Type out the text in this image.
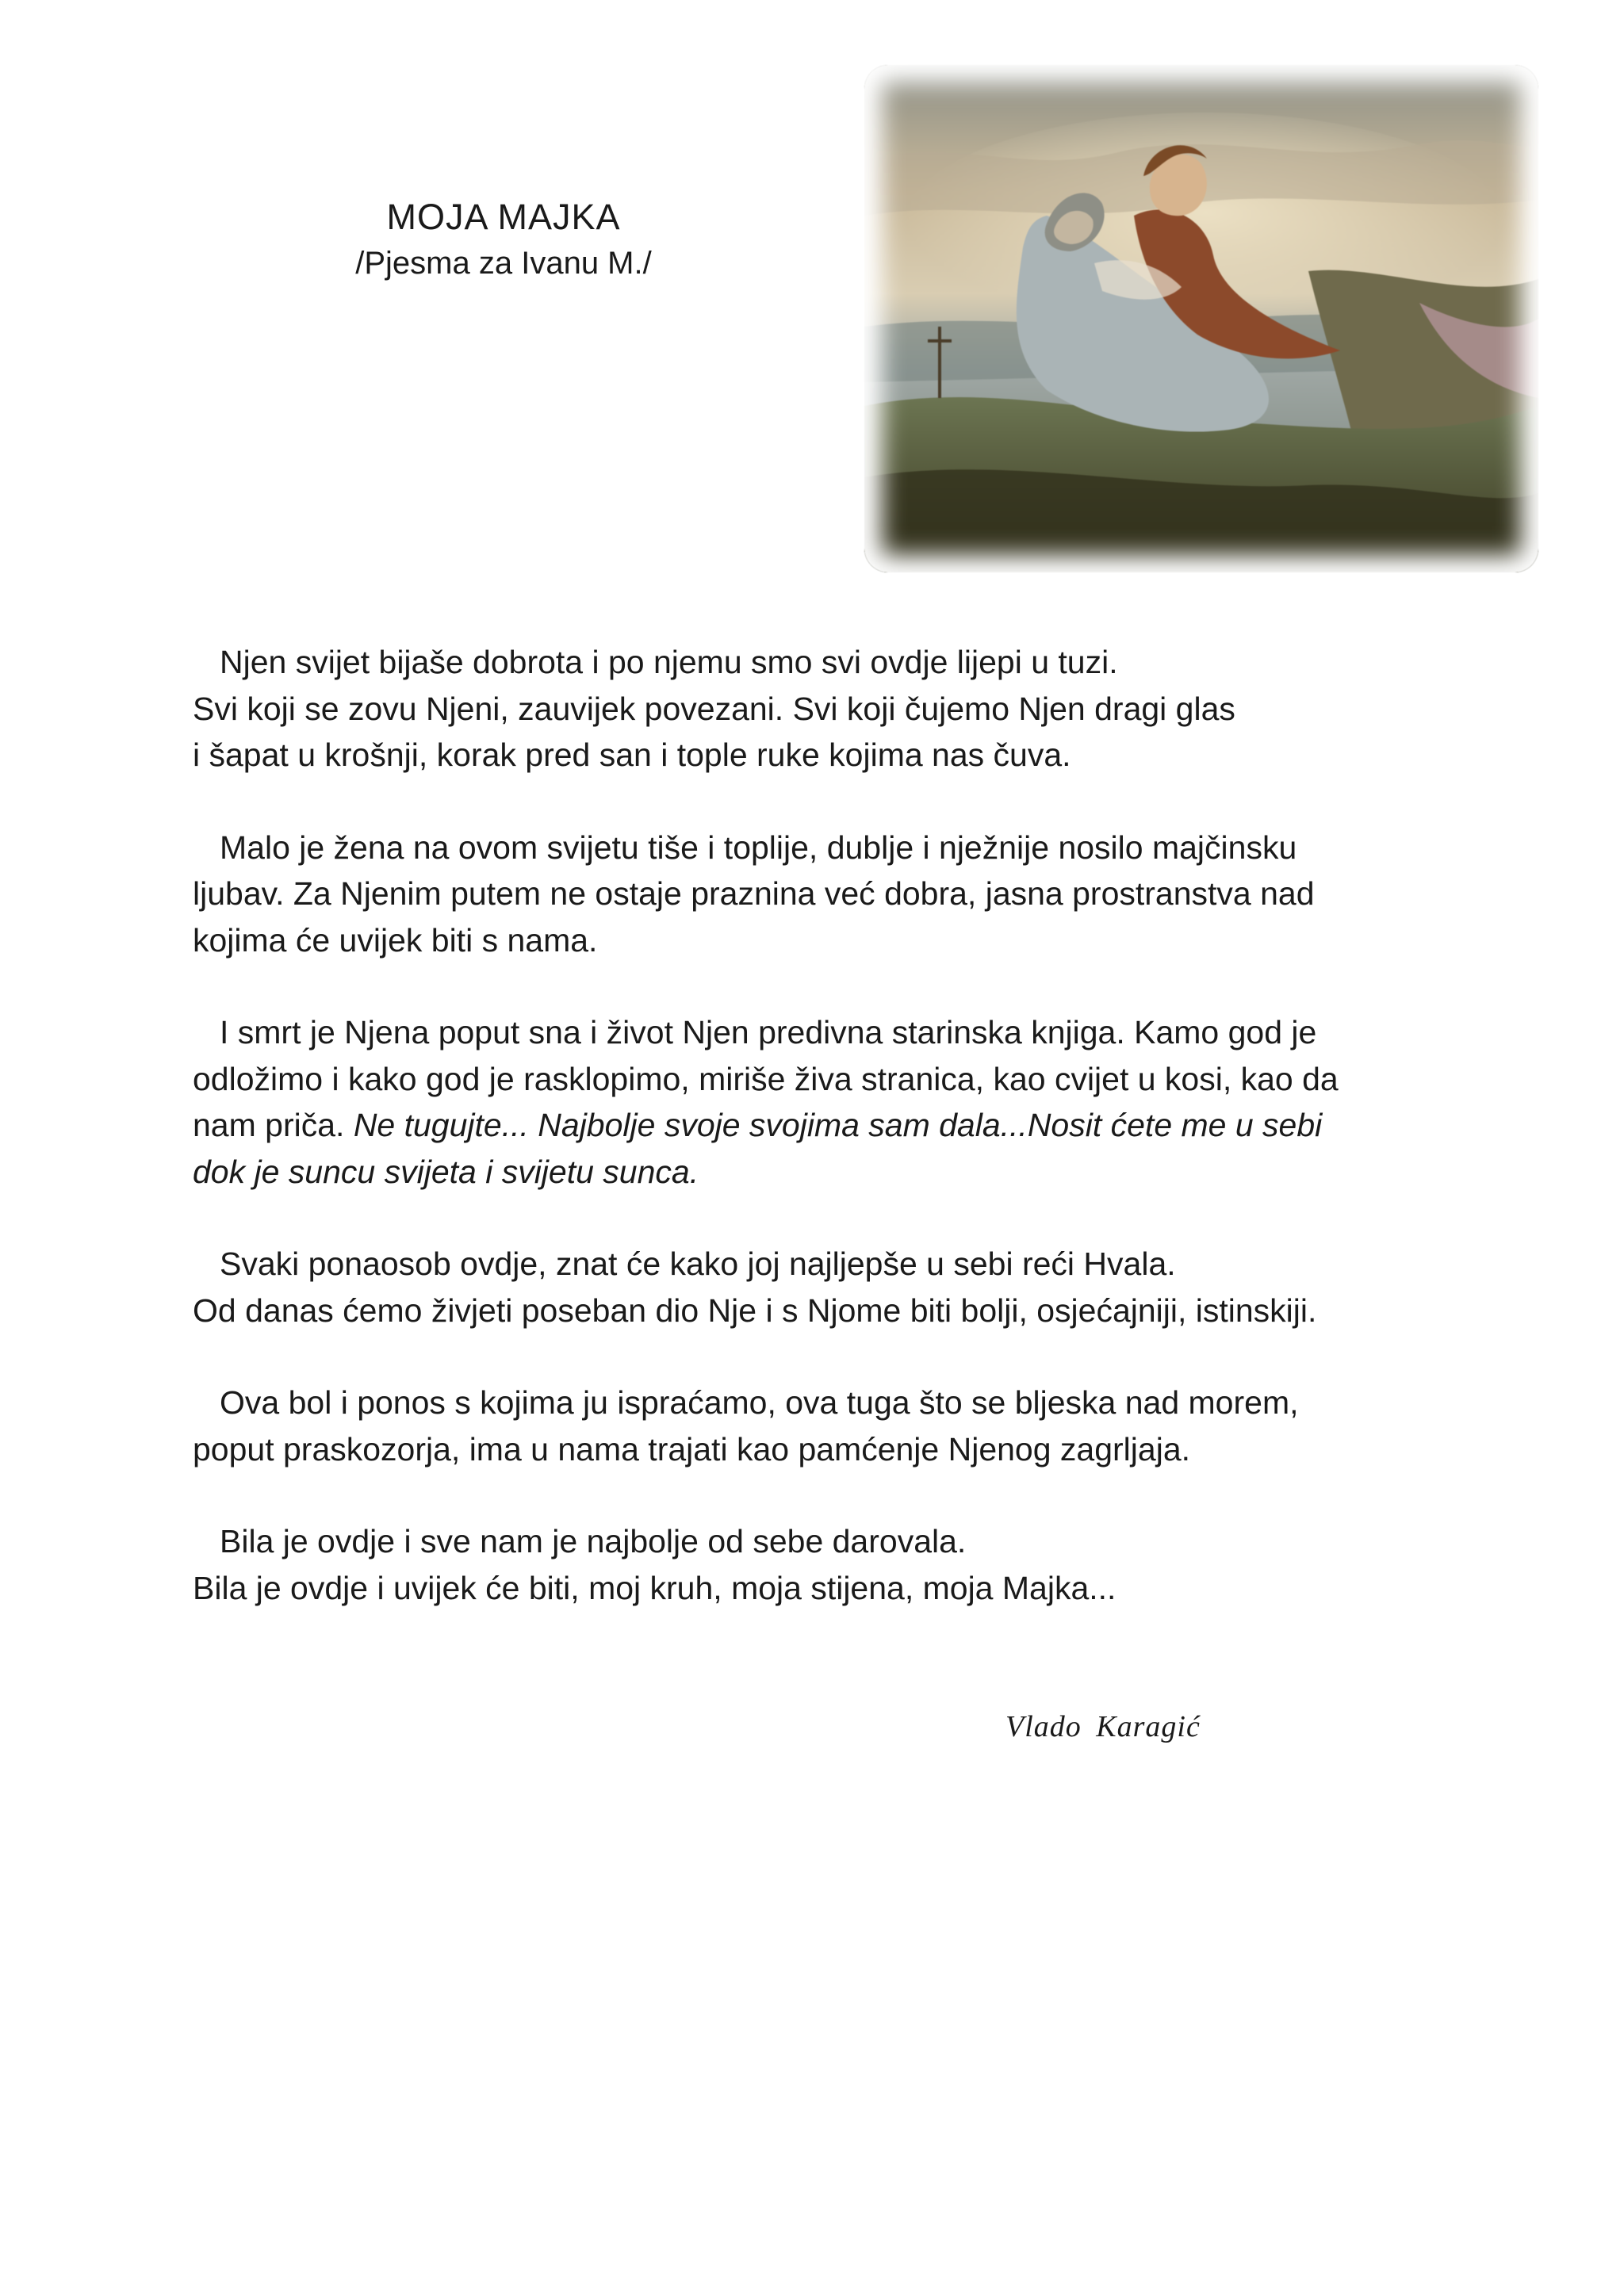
MOJA MAJKA
/Pjesma za Ivanu M./
Njen svijet bijaše dobrota i po njemu smo svi ovdje lijepi u tuzi.
Svi koji se zovu Njeni, zauvijek povezani. Svi koji čujemo Njen dragi glas
i šapat u krošnji, korak pred san i tople ruke kojima nas čuva.
Malo je žena na ovom svijetu tiše i toplije, dublje i nježnije nosilo majčinsku
ljubav. Za Njenim putem ne ostaje praznina već dobra, jasna prostranstva nad
kojima će uvijek biti s nama.
I smrt je Njena poput sna i život Njen predivna starinska knjiga. Kamo god je
odložimo i kako god je rasklopimo, miriše živa stranica, kao cvijet u kosi, kao da
nam priča. Ne tugujte... Najbolje svoje svojima sam dala...Nosit ćete me u sebi
dok je suncu svijeta i svijetu sunca.
Svaki ponaosob ovdje, znat će kako joj najljepše u sebi reći Hvala.
Od danas ćemo živjeti poseban dio Nje i s Njome biti bolji, osjećajniji, istinskiji.
Ova bol i ponos s kojima ju ispraćamo, ova tuga što se bljeska nad morem,
poput praskozorja, ima u nama trajati kao pamćenje Njenog zagrljaja.
Bila je ovdje i sve nam je najbolje od sebe darovala.
Bila je ovdje i uvijek će biti, moj kruh, moja stijena, moja Majka...
Vlado Karagić
